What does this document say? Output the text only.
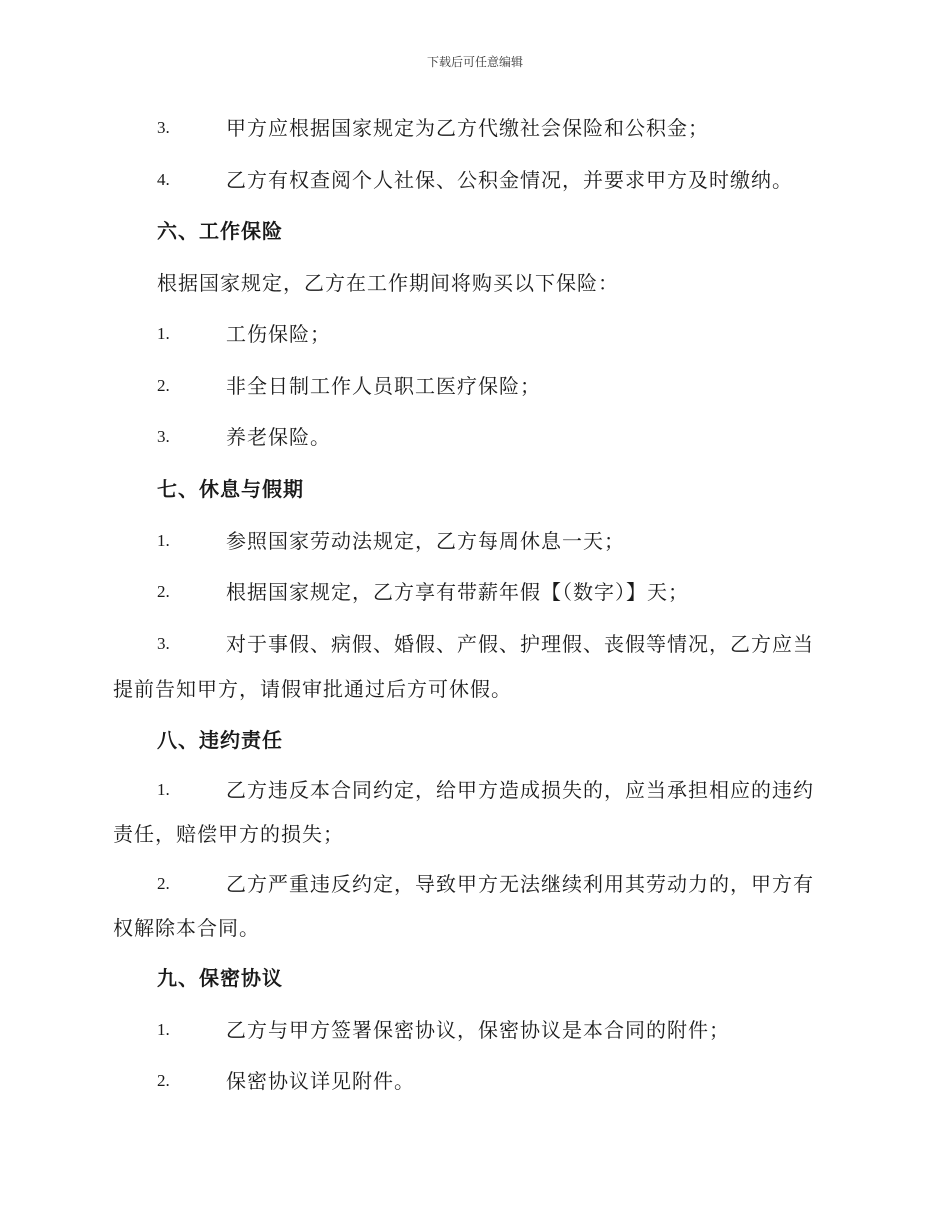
下载后可任意编辑
3.	甲方应根据国家规定为乙方代缴社会保险和公积金；
4.	乙方有权查阅个人社保、公积金情况，并要求甲方及时缴纳。
六、工作保险
根据国家规定，乙方在工作期间将购买以下保险：
1.	工伤保险；
2.	非全日制工作人员职工医疗保险；
3.	养老保险。
七、休息与假期
1.	参照国家劳动法规定，乙方每周休息一天；
2.	根据国家规定，乙方享有带薪年假【（数字）】天；
3.	对于事假、病假、婚假、产假、护理假、丧假等情况，乙方应当
提前告知甲方，请假审批通过后方可休假。
八、违约责任
1.	乙方违反本合同约定，给甲方造成损失的，应当承担相应的违约
责任，赔偿甲方的损失；
2.	乙方严重违反约定，导致甲方无法继续利用其劳动力的，甲方有
权解除本合同。
九、保密协议
1.	乙方与甲方签署保密协议，保密协议是本合同的附件；
2.	保密协议详见附件。
